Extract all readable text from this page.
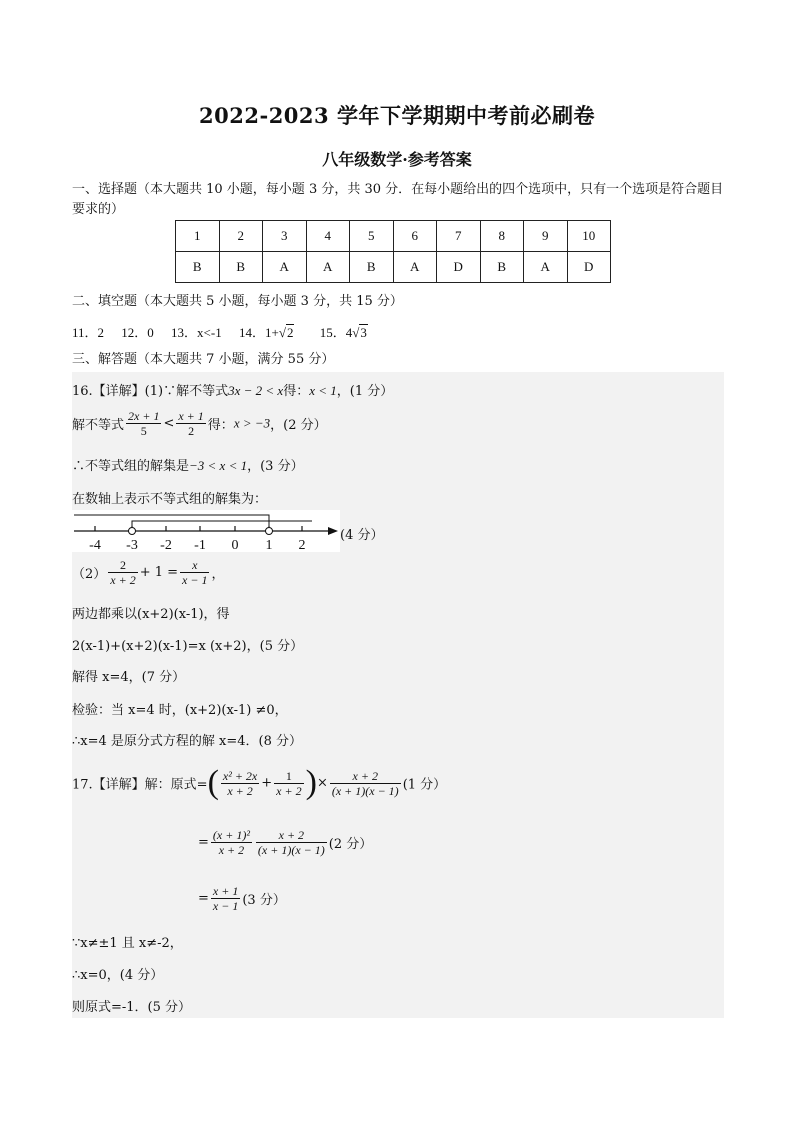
2022-2023 学年下学期期中考前必刷卷
八年级数学·参考答案
一、选择题（本大题共 10 小题，每小题 3 分，共 30 分．在每小题给出的四个选项中，只有一个选项是符合题目要求的）
1	2	3	4	5	6	7	8	9	10
B	B	A	A	B	A	D	B	A	D
二、填空题（本大题共 5 小题，每小题 3 分，共 15 分）
11．2 12．0 13．x<-1 14．1+√2 15．4√3
三、解答题（本大题共 7 小题，满分 55 分）
16.【详解】(1)∵解不等式3x − 2 < x得：x < 1，(1 分）
解不等式 $\frac{2x + 1}{5} < \frac{x + 1}{2}$ 得：x > −3，(2 分）
∴不等式组的解集是−3 < x < 1，(3 分）
在数轴上表示不等式组的解集为：
-4 -3 -2 -1 0 1 2
(4 分）
$(2) \frac{2}{x + 2} + 1 = \frac{x}{x - 1}$ ，
两边都乘以(x+2)(x-1)，得
2(x-1)+(x+2)(x-1)=x (x+2)，(5 分）
解得 x=4，(7 分）
检验：当 x=4 时，(x+2)(x-1) ≠0，
∴x=4 是原分式方程的解 x=4．(8 分）
17.【详解】解：原式=( $\frac{\text{x² + 2x}}{x + 2} + \frac{1}{x + 2}$ )× $\frac{x + 2}{(x + 1)(x - 1)} (1$ 分）
= $\frac{\text{(x + 1)²}}{x + 2} \frac{x + 2}{(x + 1)(x - 1)} (2$ 分）
= $\frac{x + 1}{x - 1} (3$ 分）
∵x≠±1 且 x≠-2，
∴x=0，(4 分）
则原式=-1．(5 分）
